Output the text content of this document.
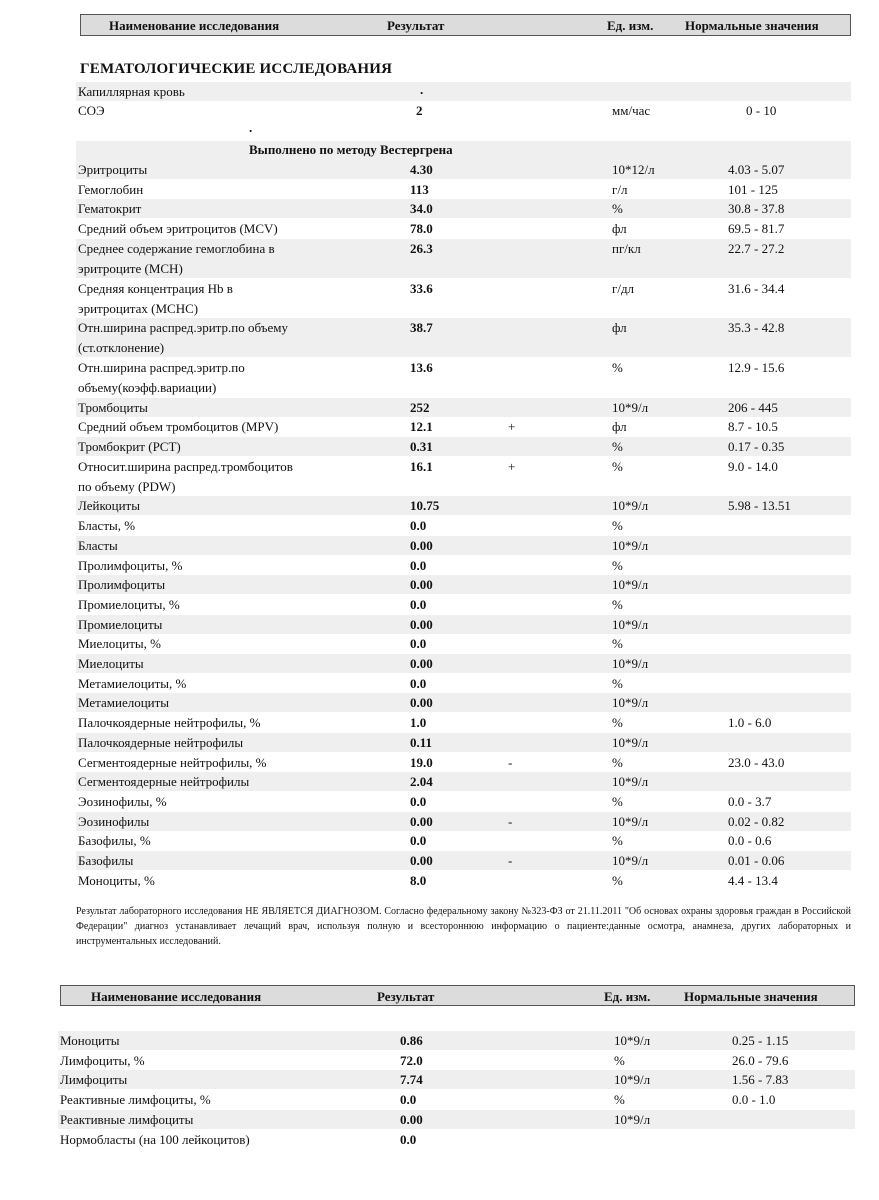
Наименование исследования	Результат	Ед. изм. Нормальные значения
ГЕМАТОЛОГИЧЕСКИЕ ИССЛЕДОВАНИЯ
Капиллярная кровь	.
СОЭ	2	мм/час	0 - 10
.
Выполнено по методу Вестергрена
Эритроциты	4.30	10*12/л	4.03 - 5.07
Гемоглобин	113	г/л	101 - 125
Гематокрит	34.0	%	30.8 - 37.8
Средний объем эритроцитов (MCV)	78.0	фл	69.5 - 81.7
Среднее содержание гемоглобина в
эритроците (MCH)
26.3	пг/кл	22.7 - 27.2
Средняя концентрация Hb в
эритроцитах (MCHC)
33.6	г/дл	31.6 - 34.4
Отн.ширина распред.эритр.по объему
(ст.отклонение)
38.7	фл	35.3 - 42.8
Отн.ширина распред.эритр.по
объему(коэфф.вариации)
13.6	%	12.9 - 15.6
Тромбоциты	252	10*9/л	206 - 445
Средний объем тромбоцитов (MPV)	12.1	+	фл	8.7 - 10.5
Тромбокрит (PCT)	0.31	%	0.17 - 0.35
Относит.ширина распред.тромбоцитов
по объему (PDW)
16.1	+	%	9.0 - 14.0
Лейкоциты	10.75	10*9/л	5.98 - 13.51
Бласты, %	0.0	%
Бласты	0.00	10*9/л
Пролимфоциты, %	0.0	%
Пролимфоциты	0.00	10*9/л
Промиелоциты, %	0.0	%
Промиелоциты	0.00	10*9/л
Миелоциты, %	0.0	%
Миелоциты	0.00	10*9/л
Метамиелоциты, %	0.0	%
Метамиелоциты	0.00	10*9/л
Палочкоядерные нейтрофилы, %	1.0	%	1.0 - 6.0
Палочкоядерные нейтрофилы	0.11	10*9/л
Сегментоядерные нейтрофилы, %	19.0	-	%	23.0 - 43.0
Сегментоядерные нейтрофилы	2.04	10*9/л
Эозинофилы, %	0.0	%	0.0 - 3.7
Эозинофилы	0.00	-	10*9/л	0.02 - 0.82
Базофилы, %	0.0	%	0.0 - 0.6
Базофилы	0.00	-	10*9/л	0.01 - 0.06
Моноциты, %	8.0	%	4.4 - 13.4
Результат лабораторного исследования НЕ ЯВЛЯЕТСЯ ДИАГНОЗОМ. Согласно федеральному закону №323-ФЗ от 21.11.2011 "Об основах охраны здоровья граждан в Российской Федерации" диагноз устанавливает лечащий врач, используя полную и всестороннюю информацию о пациенте:данные осмотра, анамнеза, других лабораторных и инструментальных исследований.
Наименование исследования	Результат	Ед. изм.	Нормальные значения
Моноциты	0.86	10*9/л	0.25 - 1.15
Лимфоциты, %	72.0	%	26.0 - 79.6
Лимфоциты	7.74	10*9/л	1.56 - 7.83
Реактивные лимфоциты, %	0.0	%	0.0 - 1.0
Реактивные лимфоциты	0.00	10*9/л
Нормобласты (на 100 лейкоцитов)	0.0
